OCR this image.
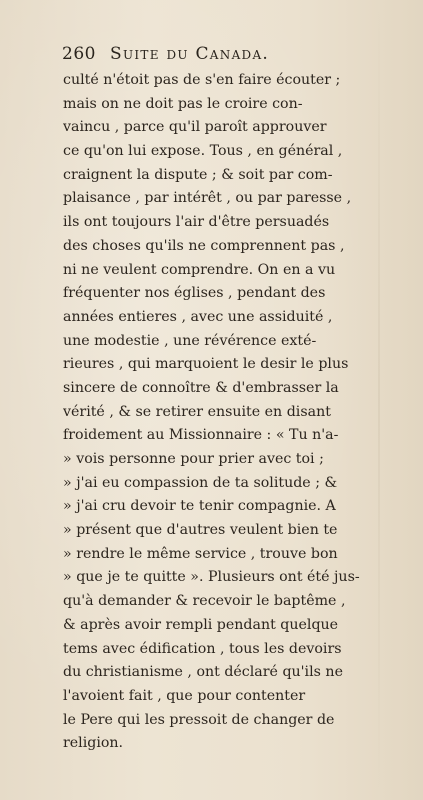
260 Suite du Canada.
culté n'étoit pas de s'en faire écouter ;
mais on ne doit pas le croire con-
vaincu , parce qu'il paroît approuver
ce qu'on lui expose. Tous , en général ,
craignent la dispute ; & soit par com-
plaisance , par intérêt , ou par paresse ,
ils ont toujours l'air d'être persuadés
des choses qu'ils ne comprennent pas ,
ni ne veulent comprendre. On en a vu
fréquenter nos églises , pendant des
années entieres , avec une assiduité ,
une modestie , une révérence exté-
rieures , qui marquoient le desir le plus
sincere de connoître & d'embrasser la
vérité , & se retirer ensuite en disant
froidement au Missionnaire : « Tu n'a-
» vois personne pour prier avec toi ;
» j'ai eu compassion de ta solitude ; &
» j'ai cru devoir te tenir compagnie. A
» présent que d'autres veulent bien te
» rendre le même service , trouve bon
» que je te quitte ». Plusieurs ont été jus-
qu'à demander & recevoir le baptême ,
& après avoir rempli pendant quelque
tems avec édification , tous les devoirs
du christianisme , ont déclaré qu'ils ne
l'avoient fait , que pour contenter
le Pere qui les pressoit de changer de
religion.
